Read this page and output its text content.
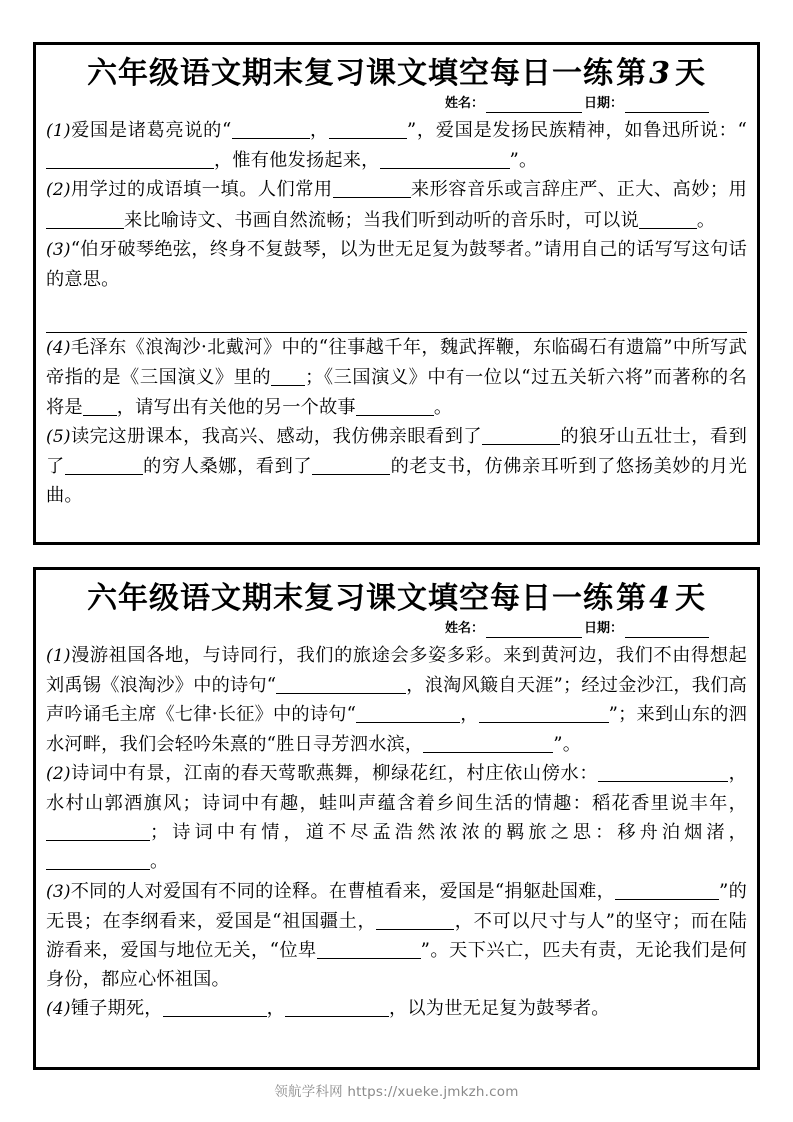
六年级语文期末复习课文填空每日一练第3 天
姓名：	日期：

(1)爱国是诸葛亮说的“	，	”，爱国是发扬民族精神，如鲁迅所说：“，惟有他发扬起来，	”。

(2)用学过的成语填一填。人们常用	来形容音乐或言辞庄严、正大、高妙；用来比喻诗文、书画自然流畅；当我们听到动听的音乐时，可以说	。

(3)“伯牙破琴绝弦，终身不复鼓琴，以为世无足复为鼓琴者。”请用自己的话写写这句话的意思。

(4)毛泽东《浪淘沙·北戴河》中的“往事越千年，魏武挥鞭，东临碣石有遗篇”中所写武帝指的是《三国演义》里的 ；《三国演义》中有一位以“过五关斩六将”而著称的名将是 ，请写出有关他的另一个故事	。

(5)读完这册课本，我高兴、感动，我仿佛亲眼看到了	的狼牙山五壮士，看到了	的穷人桑娜，看到了	的老支书，仿佛亲耳听到了悠扬美妙的月光曲。

六年级语文期末复习课文填空每日一练第4 天
姓名：	日期：

(1)漫游祖国各地，与诗同行，我们的旅途会多姿多彩。来到黄河边，我们不由得想起刘禹锡《浪淘沙》中的诗句“	，浪淘风簸自天涯”；经过金沙江，我们高声吟诵毛主席《七律·长征》中的诗句“	，	”；来到山东的泗水河畔，我们会轻吟朱熹的“胜日寻芳泗水滨，	”。

(2)诗词中有景，江南的春天莺歌燕舞，柳绿花红，村庄依山傍水：	，水村山郭酒旗风；诗词中有趣，蛙叫声蕴含着乡间生活的情趣：稻花香里说丰年，；诗词中有情，道不尽孟浩然浓浓的羁旅之思：移舟泊烟渚，。

(3)不同的人对爱国有不同的诠释。在曹植看来，爱国是“捐躯赴国难，	”的无畏；在李纲看来，爱国是“祖国疆土，	，不可以尺寸与人”的坚守；而在陆游看来，爱国与地位无关，“位卑	”。天下兴亡，匹夫有责，无论我们是何身份，都应心怀祖国。

(4)锺子期死，	，	，以为世无足复为鼓琴者。

领航学科网 https://xueke.jmkzh.com
